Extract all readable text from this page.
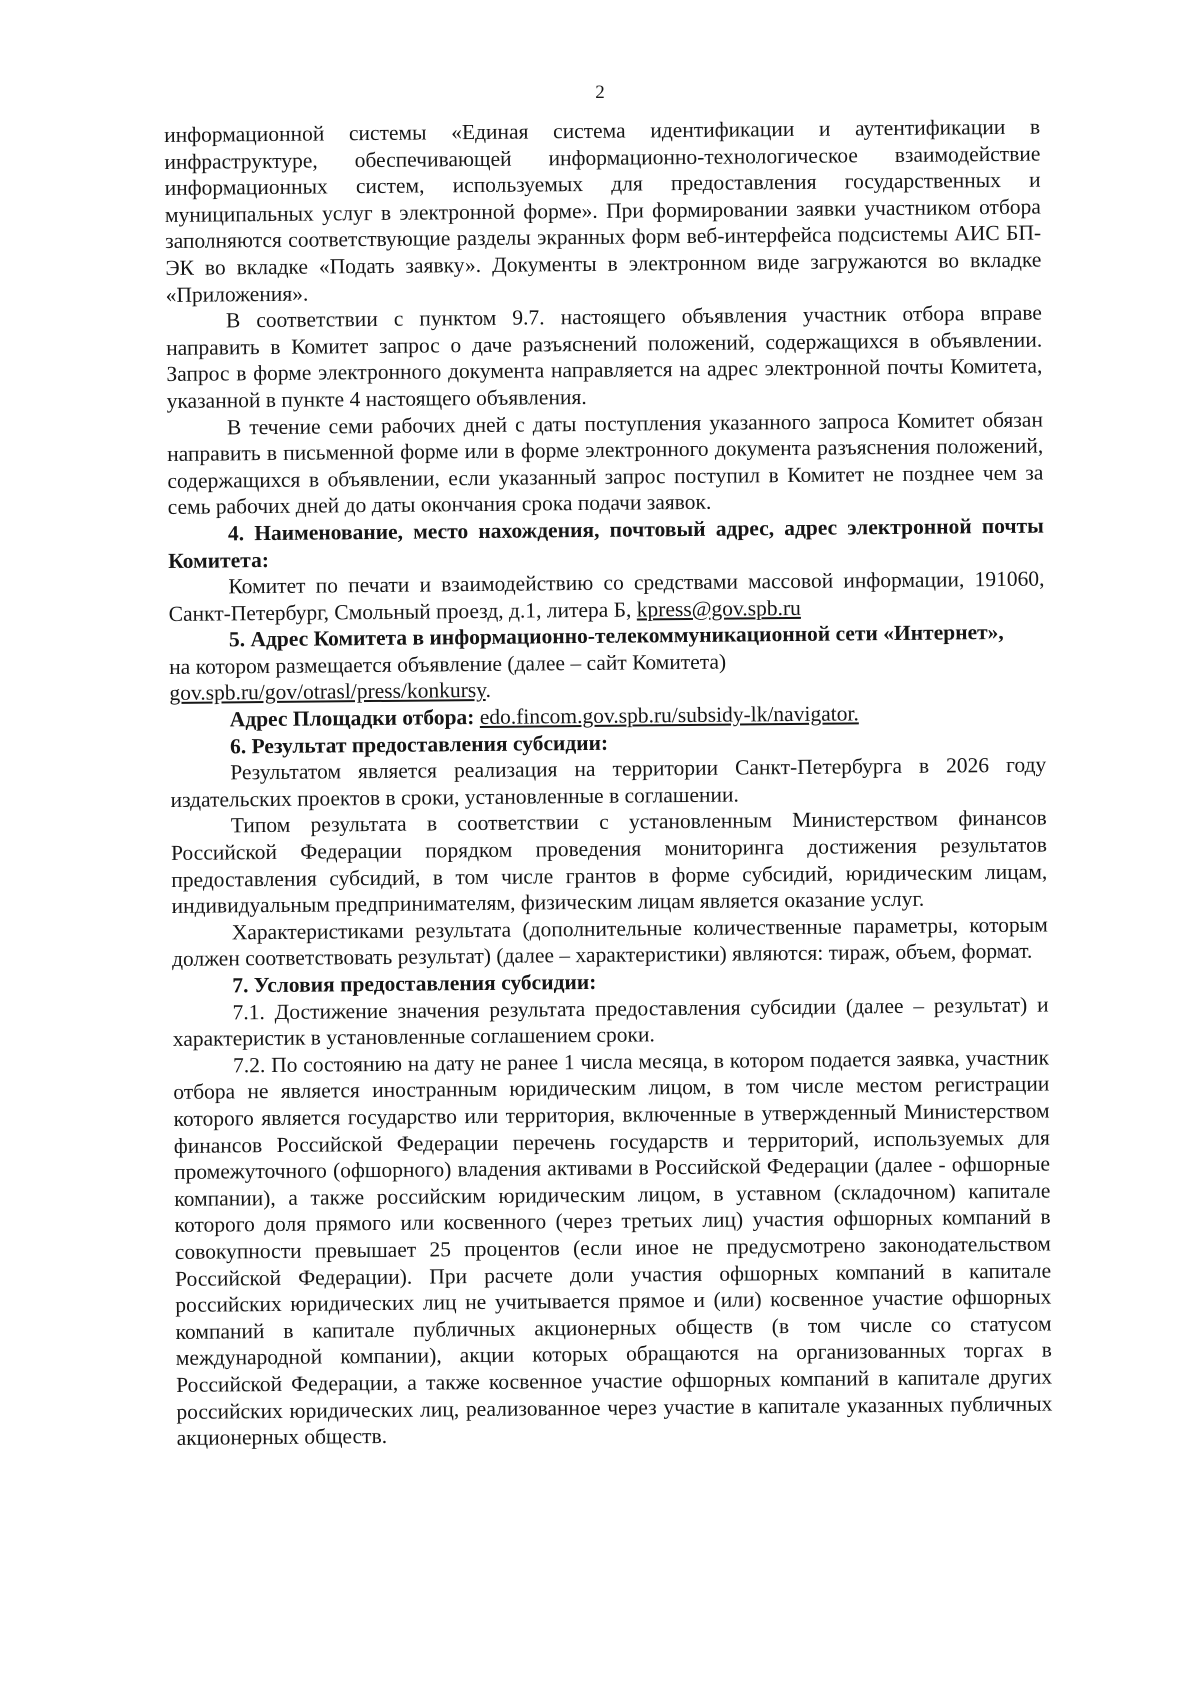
2

информационной системы «Единая система идентификации и аутентификации в инфраструктуре, обеспечивающей информационно-технологическое взаимодействие информационных систем, используемых для предоставления государственных и муниципальных услуг в электронной форме». При формировании заявки участником отбора заполняются соответствующие разделы экранных форм веб-интерфейса подсистемы АИС БП-ЭК во вкладке «Подать заявку». Документы в электронном виде загружаются во вкладке «Приложения».

В соответствии с пунктом 9.7. настоящего объявления участник отбора вправе направить в Комитет запрос о даче разъяснений положений, содержащихся в объявлении. Запрос в форме электронного документа направляется на адрес электронной почты Комитета, указанной в пункте 4 настоящего объявления.

В течение семи рабочих дней с даты поступления указанного запроса Комитет обязан направить в письменной форме или в форме электронного документа разъяснения положений, содержащихся в объявлении, если указанный запрос поступил в Комитет не позднее чем за семь рабочих дней до даты окончания срока подачи заявок.

4. Наименование, место нахождения, почтовый адрес, адрес электронной почты Комитета:

Комитет по печати и взаимодействию со средствами массовой информации, 191060, Санкт-Петербург, Смольный проезд, д.1, литера Б, kpress@gov.spb.ru

5. Адрес Комитета в информационно-телекоммуникационной сети «Интернет»,

на котором размещается объявление (далее – сайт Комитета)

gov.spb.ru/gov/otrasl/press/konkursy.

Адрес Площадки отбора: edo.fincom.gov.spb.ru/subsidy-lk/navigator.

6. Результат предоставления субсидии:

Результатом является реализация на территории Санкт-Петербурга в 2026 году издательских проектов в сроки, установленные в соглашении.

Типом результата в соответствии с установленным Министерством финансов Российской Федерации порядком проведения мониторинга достижения результатов предоставления субсидий, в том числе грантов в форме субсидий, юридическим лицам, индивидуальным предпринимателям, физическим лицам является оказание услуг.

Характеристиками результата (дополнительные количественные параметры, которым должен соответствовать результат) (далее – характеристики) являются: тираж, объем, формат.

7. Условия предоставления субсидии:

7.1. Достижение значения результата предоставления субсидии (далее – результат) и характеристик в установленные соглашением сроки.

7.2. По состоянию на дату не ранее 1 числа месяца, в котором подается заявка, участник отбора не является иностранным юридическим лицом, в том числе местом регистрации которого является государство или территория, включенные в утвержденный Министерством финансов Российской Федерации перечень государств и территорий, используемых для промежуточного (офшорного) владения активами в Российской Федерации (далее - офшорные компании), а также российским юридическим лицом, в уставном (складочном) капитале которого доля прямого или косвенного (через третьих лиц) участия офшорных компаний в совокупности превышает 25 процентов (если иное не предусмотрено законодательством Российской Федерации). При расчете доли участия офшорных компаний в капитале российских юридических лиц не учитывается прямое и (или) косвенное участие офшорных компаний в капитале публичных акционерных обществ (в том числе со статусом международной компании), акции которых обращаются на организованных торгах в Российской Федерации, а также косвенное участие офшорных компаний в капитале других российских юридических лиц, реализованное через участие в капитале указанных публичных акционерных обществ.
